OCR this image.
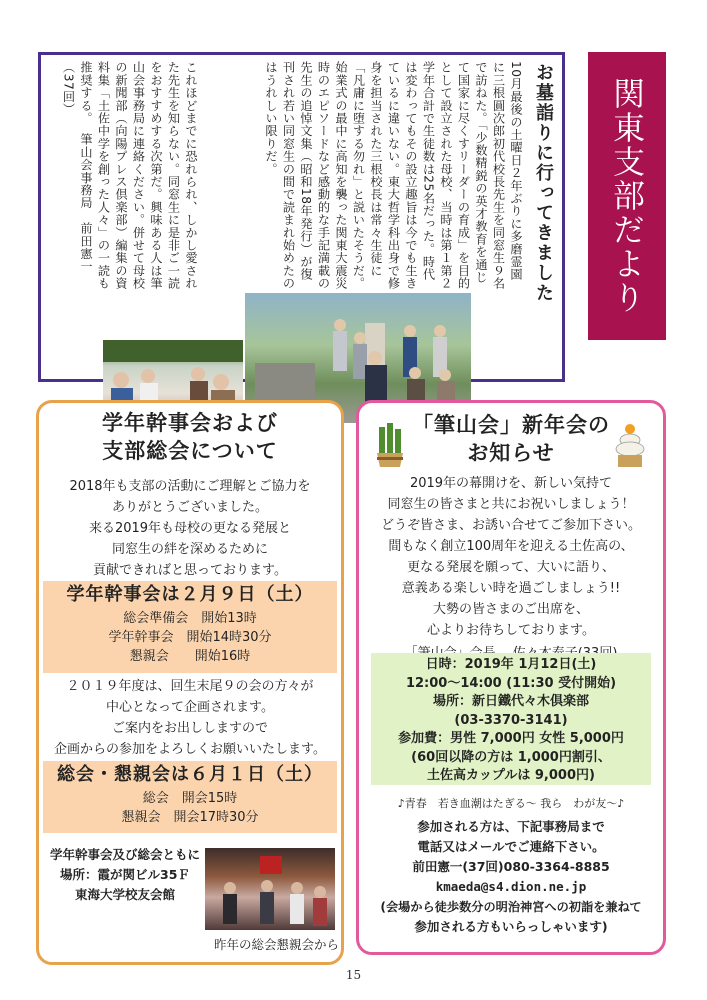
関東支部だより
お墓詣りに行ってきました
10月最後の土曜日２年ぶりに多磨霊園に三根圓次郎初代校長先生を同窓生９名で訪ねた。「少数精鋭の英才教育を通じて国家に尽くすリーダーの育成」を目的として設立された母校、当時は第１第２学年合計で生徒数は25名だった。時代は変わってもその設立趣旨は今でも生きているに違いない。東大哲学科出身で修身を担当された三根校長は常々生徒に「凡庸に堕する勿れ」と説いたそうだ。始業式の最中に高知を襲った関東大震災時のエピソードなど感動的な手記満載の先生の追悼文集（昭和18年発行）が復刊され若い同窓生の間で読まれ始めたのはうれしい限りだ。
これほどまでに恐れられ、しかし愛された先生を知らない。同窓生に是非ご一読をおすすめする次第だ。興味ある人は筆山会事務局に連絡ください。併せて母校の新聞部（向陽プレス倶楽部）編集の資料集「土佐中学を創った人々」の一読も推奨する。筆山会事務局　前田憲一（37回）
学年幹事会および
支部総会について
2018年も支部の活動にご理解とご協力を
ありがとうございました。
来る2019年も母校の更なる発展と
同窓生の絆を深めるために
貢献できればと思っております。
学年幹事会は２月９日（土）
総会準備会　開始13時
学年幹事会　開始14時30分
懇親会　　開始16時
２０１９年度は、回生末尾９の会の方々が
中心となって企画されます。
ご案内をお出ししますので
企画からの参加をよろしくお願いいたします。
総会・懇親会は６月１日（土）
総会　開会15時
懇親会　開会17時30分
学年幹事会及び総会ともに
場所：霞が関ビル35Ｆ
東海大学校友会館
昨年の総会懇親会から
「筆山会」新年会の
お知らせ
2019年の幕開けを、新しい気持て
同窓生の皆さまと共にお祝いしましょう！
どうぞ皆さま、お誘い合せてご参加下さい。
間もなく創立100周年を迎える土佐高の、
更なる発展を願って、大いに語り、
意義ある楽しい時を過ごしましょう!!
大勢の皆さまのご出席を、
心よりお待ちしております。
日時：2019年 1月12日(土)
12:00～14:00 (11:30 受付開始)
場所：新日鐵代々木倶楽部
(03-3370-3141)
参加費：男性 7,000円 女性 5,000円
(60回以降の方は 1,000円割引、
土佐高カップルは 9,000円)
♪青春　若き血潮はたぎる～ 我ら　わが友～♪
参加される方は、下記事務局まで
電話又はメールでご連絡下さい。
前田憲一(37回)080-3364-8885
kmaeda@s4.dion.ne.jp
(会場から徒歩数分の明治神宮への初詣を兼ねて
参加される方もいらっしゃいます)
15
